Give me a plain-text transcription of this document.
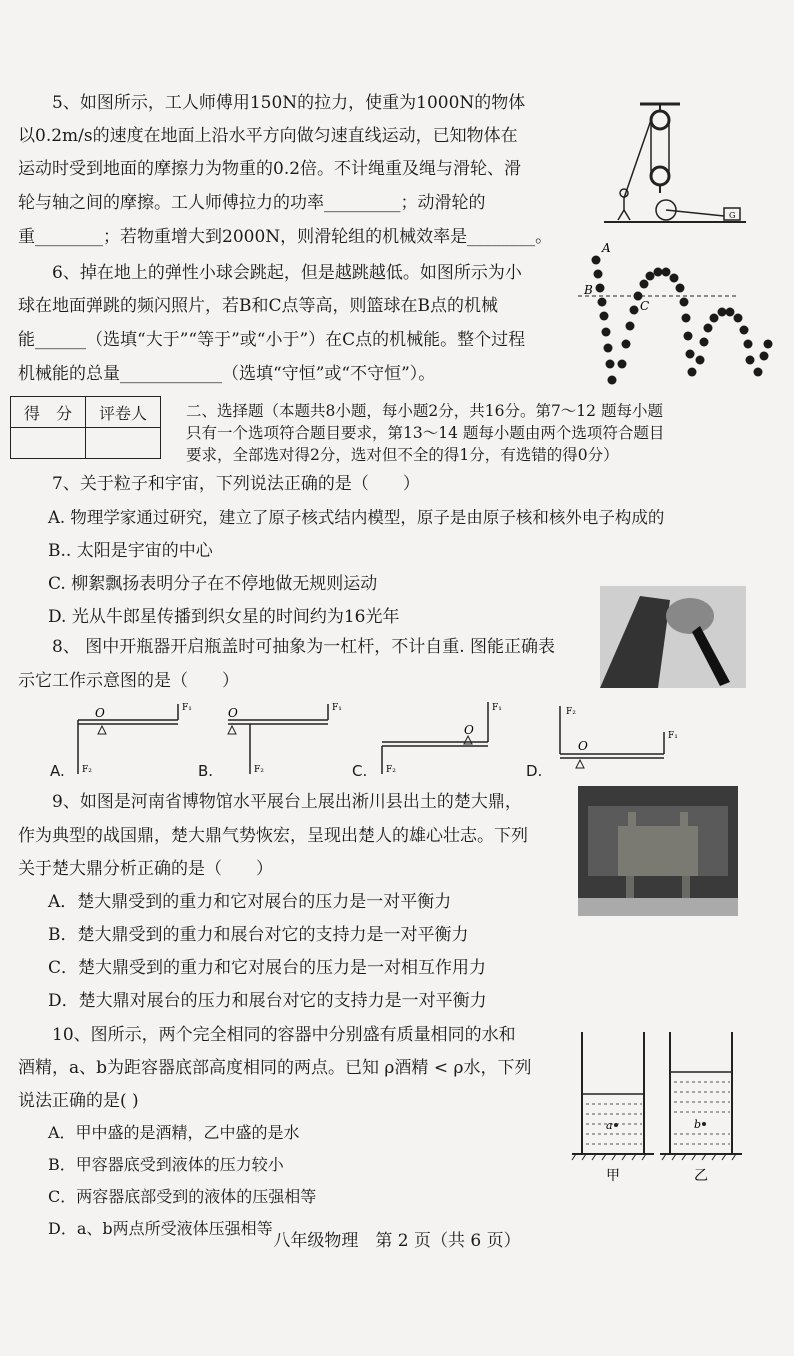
5、如图所示，工人师傅用150N的拉力，使重为1000N的物体
以0.2m/s的速度在地面上沿水平方向做匀速直线运动，已知物体在
运动时受到地面的摩擦力为物重的0.2倍。不计绳重及绳与滑轮、滑
轮与轴之间的摩擦。工人师傅拉力的功率_________；动滑轮的
重________；若物重增大到2000N，则滑轮组的机械效率是________。
G
6、掉在地上的弹性小球会跳起，但是越跳越低。如图所示为小
球在地面弹跳的频闪照片，若B和C点等高，则篮球在B点的机械
能______（选填“大于”“等于”或“小于”）在C点的机械能。整个过程
机械能的总量____________（选填“守恒”或“不守恒”）。
A
B
C
得　分	评卷人
		二、选择题（本题共8小题，每小题2分，共16分。第7～12 题每小题
只有一个选项符合题目要求，第13～14 题每小题由两个选项符合题目
要求，全部选对得2分，选对但不全的得1分，有选错的得0分）
7、关于粒子和宇宙，下列说法正确的是（　　）
A. 物理学家通过研究，建立了原子核式结内模型，原子是由原子核和核外电子构成的
B.. 太阳是宇宙的中心
C. 柳絮飘扬表明分子在不停地做无规则运动
D. 光从牛郎星传播到织女星的时间约为16光年
8、 图中开瓶器开启瓶盖时可抽象为一杠杆，不计自重. 图能正确表
示它工作示意图的是（　　）
O	F₁
F₂
O	F₁
F₂
O
F₁
F₂
O
F₁
F₂
A.	B.	C.	D.
9、如图是河南省博物馆水平展台上展出淅川县出土的楚大鼎，
作为典型的战国鼎，楚大鼎气势恢宏，呈现出楚人的雄心壮志。下列
关于楚大鼎分析正确的是（　　）
A．楚大鼎受到的重力和它对展台的压力是一对平衡力
B．楚大鼎受到的重力和展台对它的支持力是一对平衡力
C．楚大鼎受到的重力和它对展台的压力是一对相互作用力
D．楚大鼎对展台的压力和展台对它的支持力是一对平衡力
10、图所示，两个完全相同的容器中分别盛有质量相同的水和
酒精，a、b为距容器底部高度相同的两点。已知 ρ酒精 < ρ水，下列
说法正确的是( )
A．甲中盛的是酒精，乙中盛的是水
B．甲容器底受到液体的压力较小
C．两容器底部受到的液体的压强相等
D．a、b两点所受液体压强相等
a	b
甲	乙
八年级物理　第 2 页（共 6 页）
